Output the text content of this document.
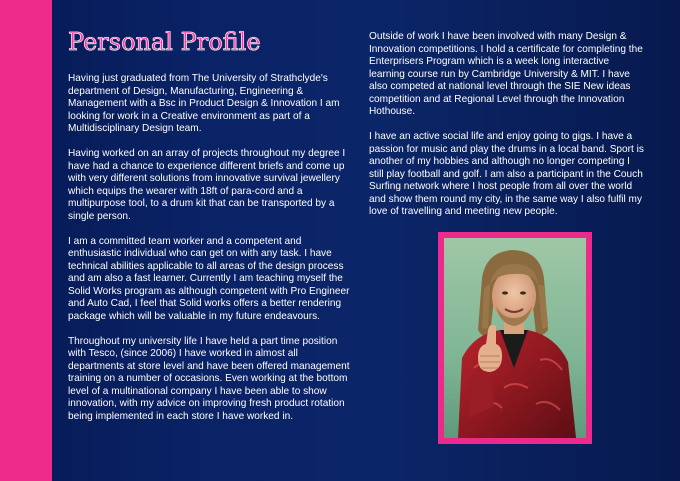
Personal Profile

Having just graduated from The University of Strathclyde's department of Design, Manufacturing, Engineering & Management with a Bsc in Product Design & Innovation I am looking for work in a Creative environment as part of a Multidisciplinary Design team.

Having worked on an array of projects throughout my degree I have had a chance to experience different briefs and come up with very different solutions from innovative survival jewellery which equips the wearer with 18ft of para-cord and a multipurpose tool, to a drum kit that can be transported by a single person.

I am a committed team worker and a competent and enthusiastic individual who can get on with any task. I have technical abilities applicable to all areas of the design process and am also a fast learner. Currently I am teaching myself the Solid Works program as although competent with Pro Engineer and Auto Cad, I feel that Solid works offers a better rendering package which will be valuable in my future endeavours.

Throughout my university life I have held a part time position with Tesco, (since 2006) I have worked in almost all departments at store level and have been offered management training on a number of occasions. Even working at the bottom level of a multinational company I have been able to show innovation, with my advice on improving fresh product rotation being implemented in each store I have worked in.

Outside of work I have been involved with many Design & Innovation competitions. I hold a certificate for completing the Enterprisers Program which is a week long interactive learning course run by Cambridge University & MIT. I have also competed at national level through the SIE New ideas competition and at Regional Level through the Innovation Hothouse.

I have an active social life and enjoy going to gigs. I have a passion for music and play the drums in a local band. Sport is another of my hobbies and although no longer competing I still play football and golf. I am also a participant in the Couch Surfing network where I host people from all over the world and show them round my city, in the same way I also fulfil my love of travelling and meeting new people.
